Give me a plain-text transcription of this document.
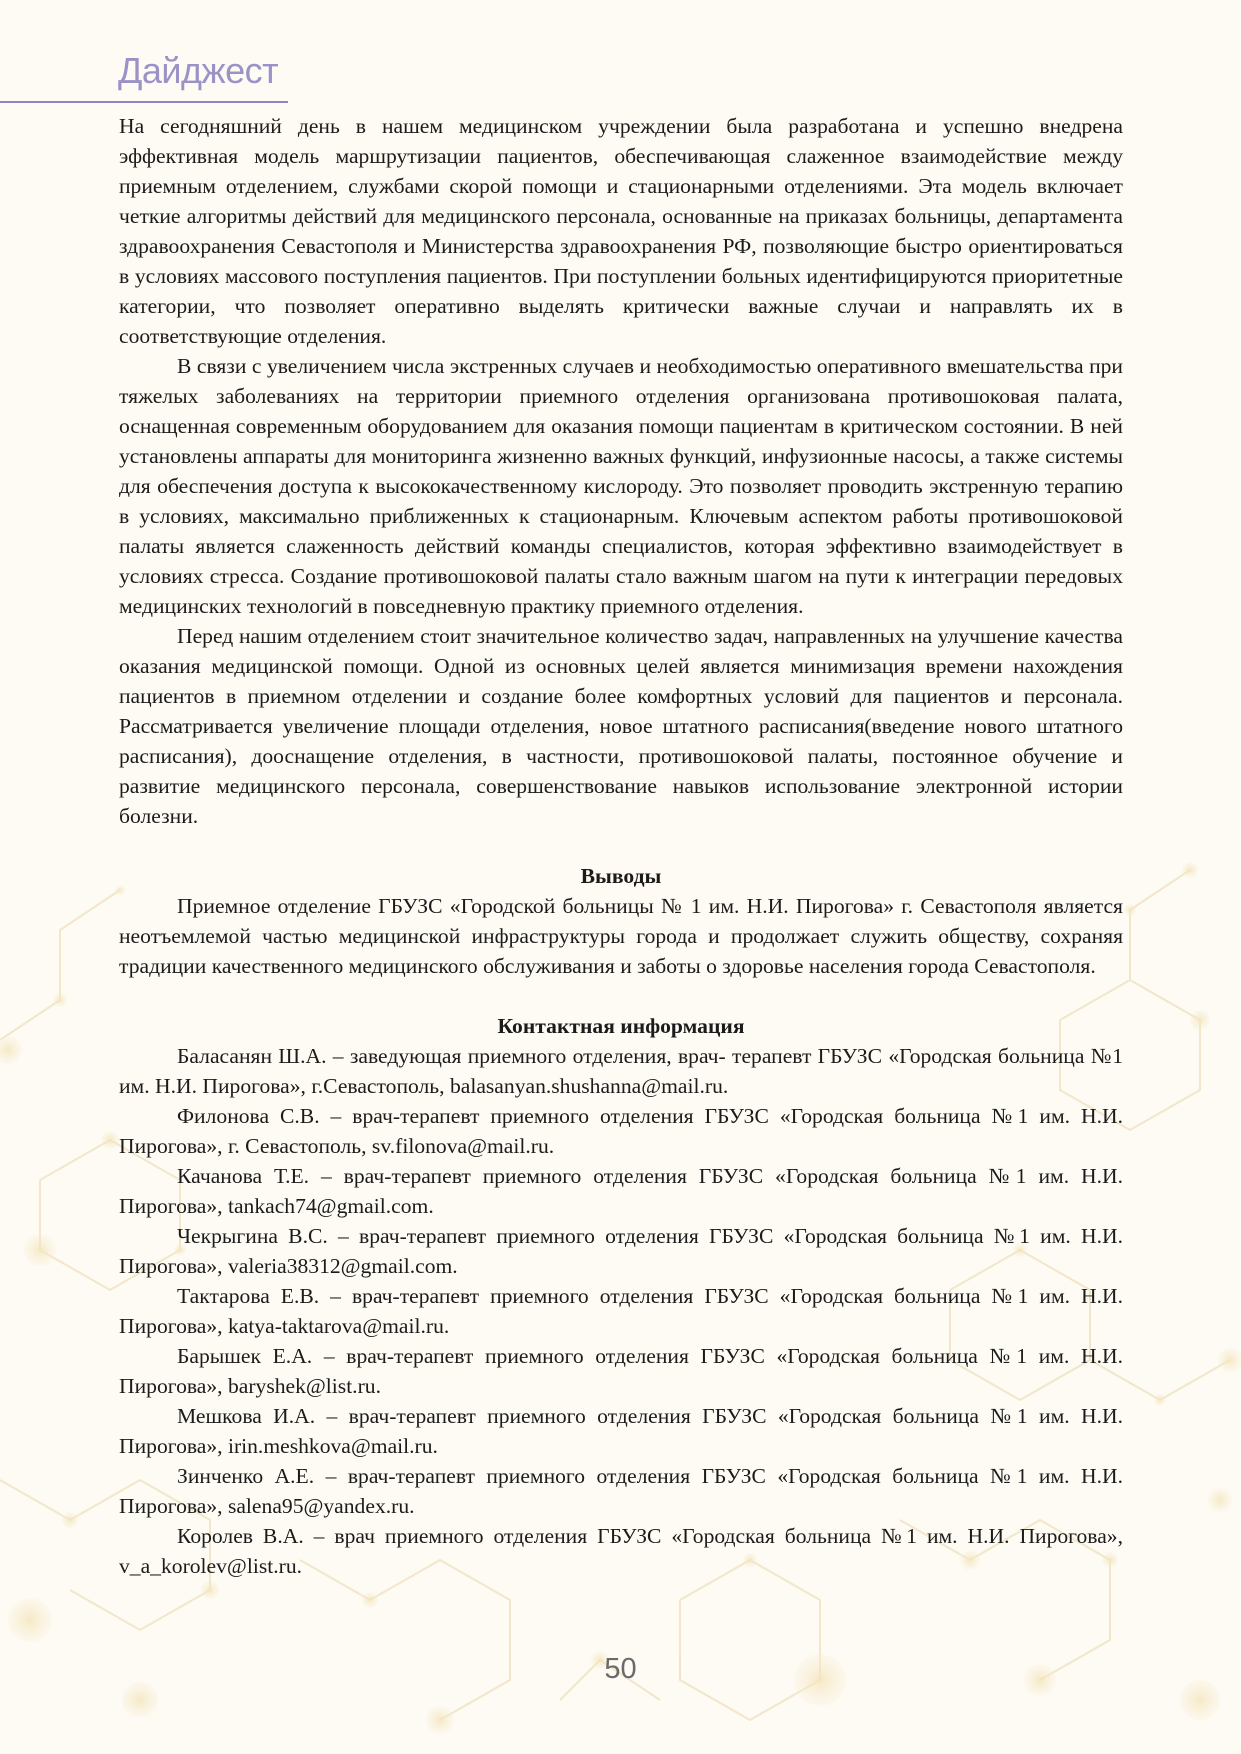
Дайджест

На сегодняшний день в нашем медицинском учреждении была разработана и успешно внедрена эффективная модель маршрутизации пациентов, обеспечивающая слаженное взаимодействие между приемным отделением, службами скорой помощи и стационарными отделениями. Эта модель включает четкие алгоритмы действий для медицинского персонала, основанные на приказах больницы, департамента здравоохранения Севастополя и Министерства здравоохранения РФ, позволяющие быстро ориентироваться в условиях массового поступления пациентов. При поступлении больных идентифицируются приоритетные категории, что позволяет оперативно выделять критически важные случаи и направлять их в соответствующие отделения.

В связи с увеличением числа экстренных случаев и необходимостью оперативного вмешательства при тяжелых заболеваниях на территории приемного отделения организована противошоковая палата, оснащенная современным оборудованием для оказания помощи пациентам в критическом состоянии. В ней установлены аппараты для мониторинга жизненно важных функций, инфузионные насосы, а также системы для обеспечения доступа к высококачественному кислороду. Это позволяет проводить экстренную терапию в условиях, максимально приближенных к стационарным. Ключевым аспектом работы противошоковой палаты является слаженность действий команды специалистов, которая эффективно взаимодействует в условиях стресса. Создание противошоковой палаты стало важным шагом на пути к интеграции передовых медицинских технологий в повседневную практику приемного отделения.

Перед нашим отделением стоит значительное количество задач, направленных на улучшение качества оказания медицинской помощи. Одной из основных целей является минимизация времени нахождения пациентов в приемном отделении и создание более комфортных условий для пациентов и персонала. Рассматривается увеличение площади отделения, новое штатного расписания(введение нового штатного расписания), дооснащение отделения, в частности, противошоковой палаты, постоянное обучение и развитие медицинского персонала, совершенствование навыков использование электронной истории болезни.

Выводы

Приемное отделение ГБУЗС «Городской больницы № 1 им. Н.И. Пирогова» г. Севастополя является неотъемлемой частью медицинской инфраструктуры города и продолжает служить обществу, сохраняя традиции качественного медицинского обслуживания и заботы о здоровье населения города Севастополя.

Контактная информация

Баласанян Ш.А. – заведующая приемного отделения, врач- терапевт ГБУЗС «Городская больница №1 им. Н.И. Пирогова», г.Севастополь, balasanyan.shushanna@mail.ru.

Филонова С.В. – врач-терапевт приемного отделения ГБУЗС «Городская больница №1 им. Н.И. Пирогова», г. Севастополь, sv.filonova@mail.ru.

Качанова Т.Е. – врач-терапевт приемного отделения ГБУЗС «Городская больница №1 им. Н.И. Пирогова», tankach74@gmail.com.

Чекрыгина В.С. – врач-терапевт приемного отделения ГБУЗС «Городская больница №1 им. Н.И. Пирогова», valeria38312@gmail.com.

Тактарова Е.В. – врач-терапевт приемного отделения ГБУЗС «Городская больница №1 им. Н.И. Пирогова», katya-taktarova@mail.ru.

Барышек Е.А. – врач-терапевт приемного отделения ГБУЗС «Городская больница №1 им. Н.И. Пирогова», baryshek@list.ru.

Мешкова И.А. – врач-терапевт приемного отделения ГБУЗС «Городская больница №1 им. Н.И. Пирогова», irin.meshkova@mail.ru.

Зинченко А.Е. – врач-терапевт приемного отделения ГБУЗС «Городская больница №1 им. Н.И. Пирогова», salena95@yandex.ru.

Королев В.А. – врач приемного отделения ГБУЗС «Городская больница №1 им. Н.И. Пирогова», v_a_korolev@list.ru.

50
